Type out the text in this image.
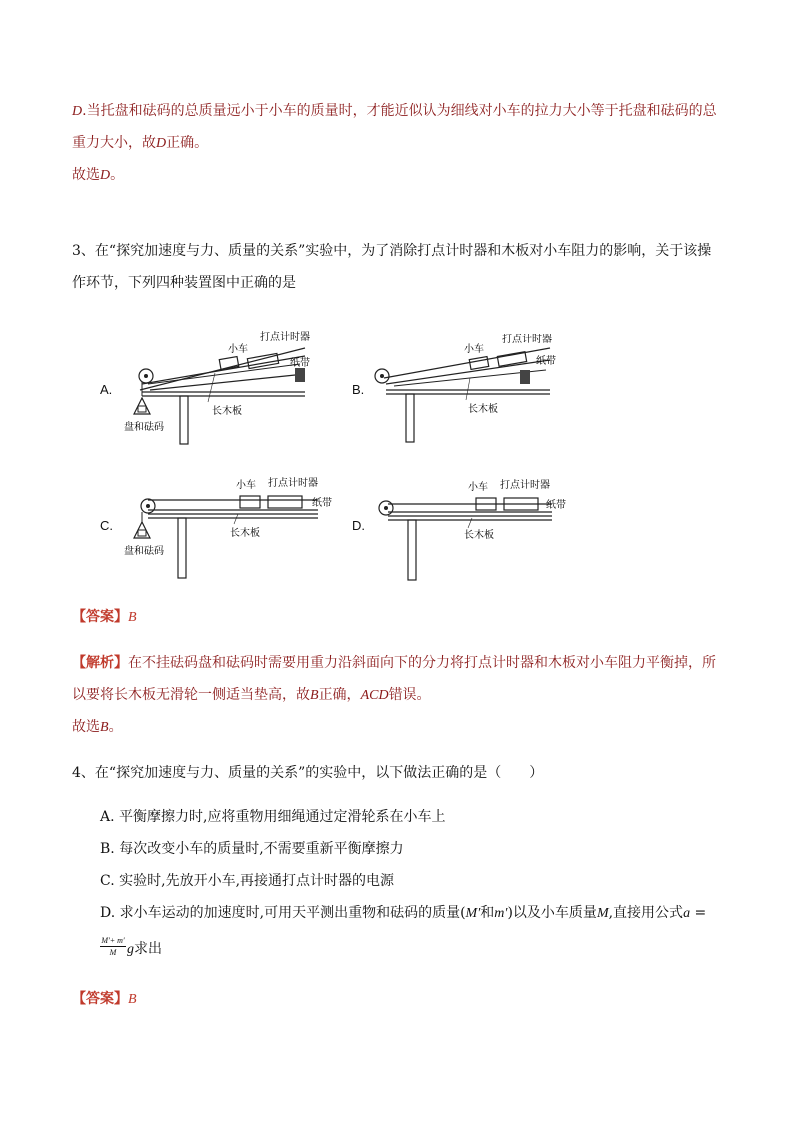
D.当托盘和砝码的总质量远小于小车的质量时，才能近似认为细线对小车的拉力大小等于托盘和砝码的总
重力大小，故D正确。
故选D。
3、在“探究加速度与力、质量的关系”实验中，为了消除打点计时器和木板对小车阻力的影响，关于该操
作环节，下列四种装置图中正确的是
A.
小车
打点计时器
纸带
长木板
盘和砝码
B.
小车
打点计时器
纸带
长木板
C.
小车 打点计时器
纸带
长木板
盘和砝码
D.
小车 打点计时器
纸带
长木板
【答案】B
【解析】在不挂砝码盘和砝码时需要用重力沿斜面向下的分力将打点计时器和木板对小车阻力平衡掉，所
以要将长木板无滑轮一侧适当垫高，故B正确，ACD错误。
故选B。
4、在“探究加速度与力、质量的关系”的实验中，以下做法正确的是（　　）
A. 平衡摩擦力时,应将重物用细绳通过定滑轮系在小车上
B. 每次改变小车的质量时,不需要重新平衡摩擦力
C. 实验时,先放开小车,再接通打点计时器的电源
D. 求小车运动的加速度时,可用天平测出重物和砝码的质量(M′和m′)以及小车质量M,直接用公式a =
$\frac{M'+ m'}{M}$ g求出
【答案】B
